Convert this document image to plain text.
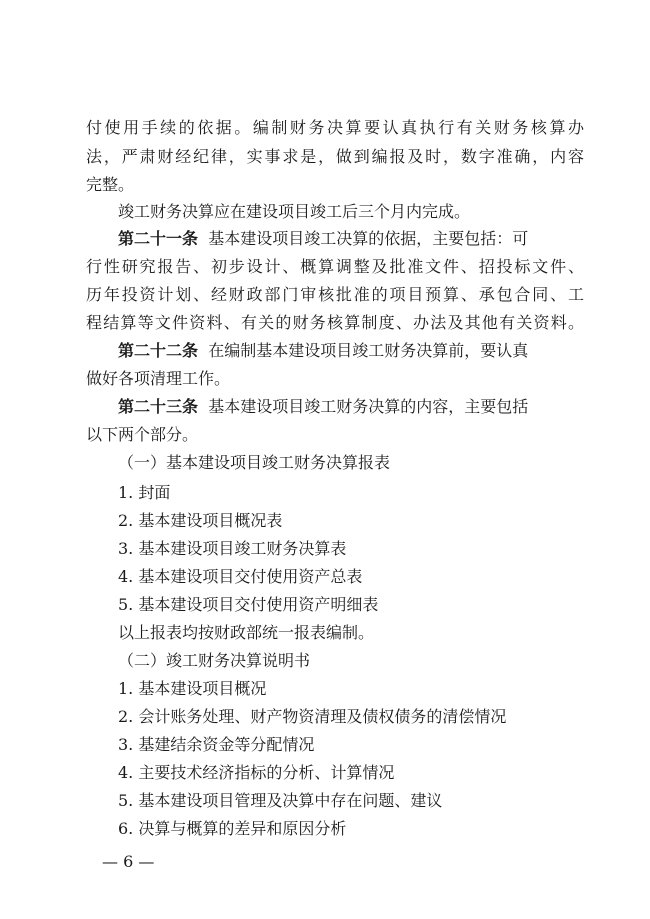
付使用手续的依据。编制财务决算要认真执行有关财务核算办
法，严肃财经纪律，实事求是，做到编报及时，数字准确，内容
完整。
竣工财务决算应在建设项目竣工后三个月内完成。
第二十一条 基本建设项目竣工决算的依据，主要包括：可
行性研究报告、初步设计、概算调整及批准文件、招投标文件、
历年投资计划、经财政部门审核批准的项目预算、承包合同、工
程结算等文件资料、有关的财务核算制度、办法及其他有关资料。
第二十二条 在编制基本建设项目竣工财务决算前，要认真
做好各项清理工作。
第二十三条 基本建设项目竣工财务决算的内容，主要包括
以下两个部分。
（一）基本建设项目竣工财务决算报表
1. 封面
2. 基本建设项目概况表
3. 基本建设项目竣工财务决算表
4. 基本建设项目交付使用资产总表
5. 基本建设项目交付使用资产明细表
以上报表均按财政部统一报表编制。
（二）竣工财务决算说明书
1. 基本建设项目概况
2. 会计账务处理、财产物资清理及债权债务的清偿情况
3. 基建结余资金等分配情况
4. 主要技术经济指标的分析、计算情况
5. 基本建设项目管理及决算中存在问题、建议
6. 决算与概算的差异和原因分析
— 6 —
